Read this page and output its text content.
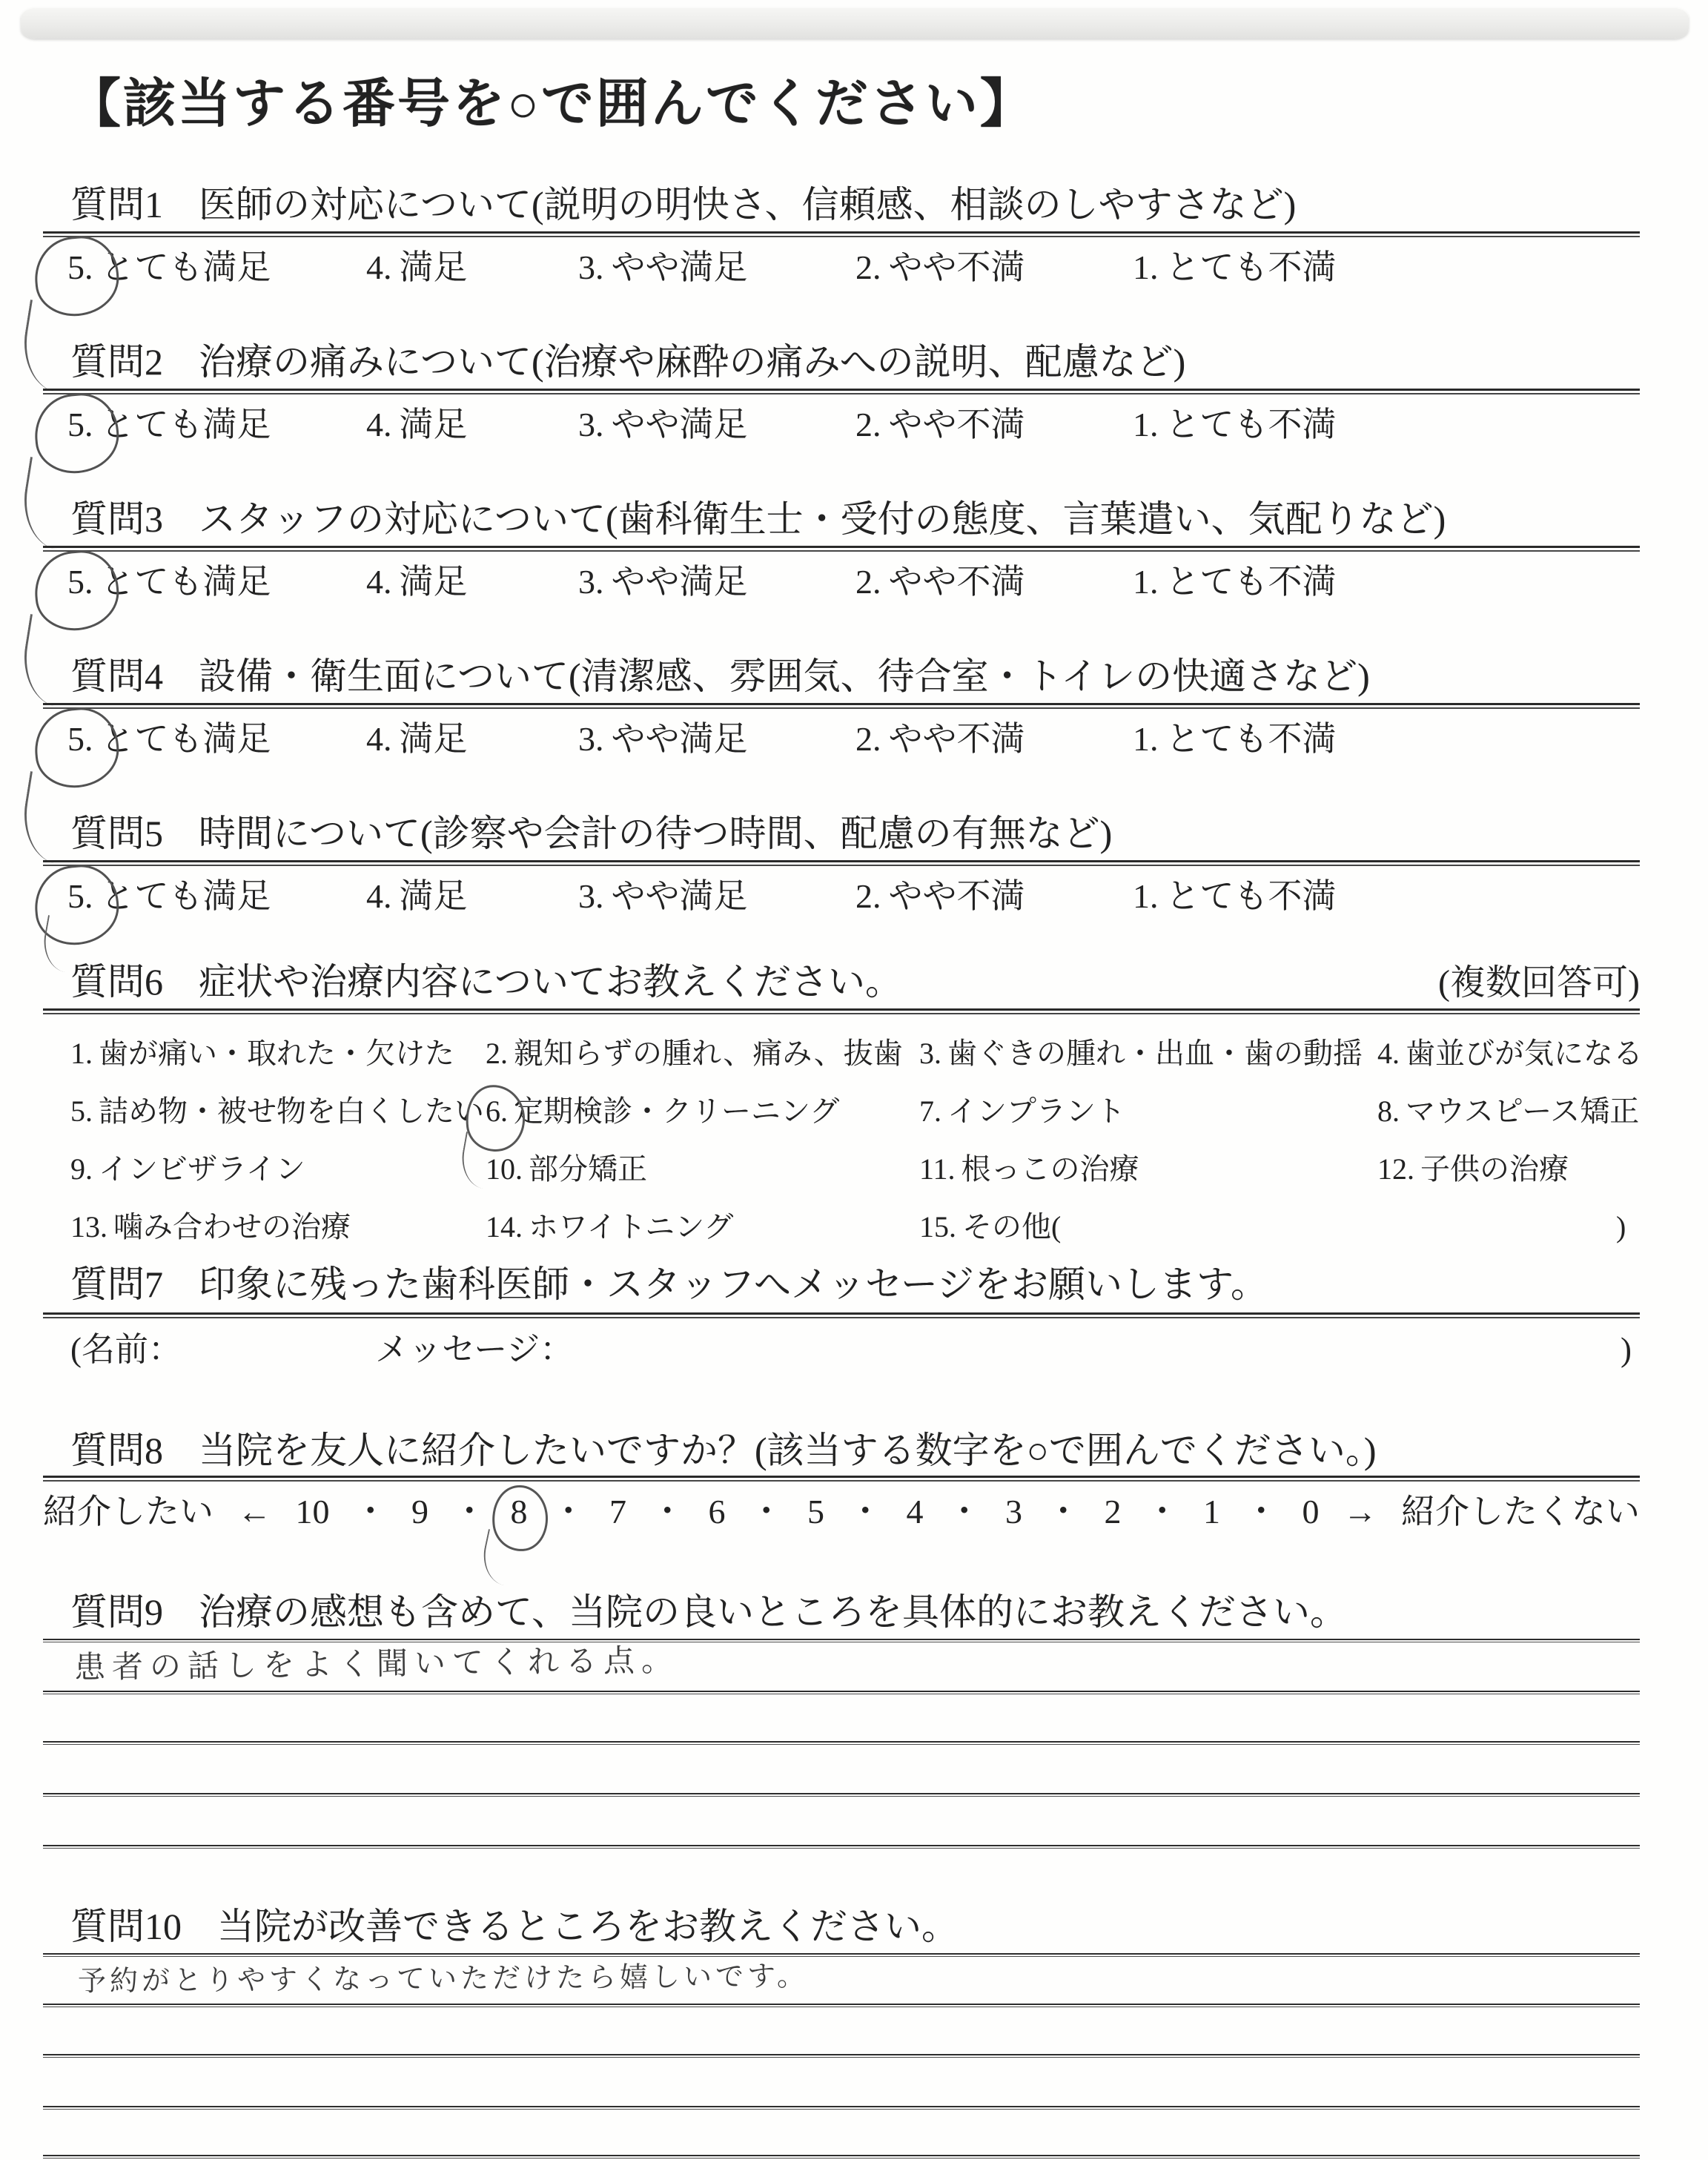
【該当する番号を○で囲んでください】
質問1 医師の対応について(説明の明快さ、信頼感、相談のしやすさなど)
5. とても満足	4. 満足	3. やや満足	2. やや不満	1. とても不満
質問2 治療の痛みについて(治療や麻酔の痛みへの説明、配慮など)
5. とても満足	4. 満足	3. やや満足	2. やや不満	1. とても不満
質問3 スタッフの対応について(歯科衛生士・受付の態度、言葉遣い、気配りなど)
5. とても満足	4. 満足	3. やや満足	2. やや不満	1. とても不満
質問4 設備・衛生面について(清潔感、雰囲気、待合室・トイレの快適さなど)
5. とても満足	4. 満足	3. やや満足	2. やや不満	1. とても不満
質問5 時間について(診察や会計の待つ時間、配慮の有無など)
5. とても満足	4. 満足	3. やや満足	2. やや不満	1. とても不満
質問6 症状や治療内容についてお教えください。	(複数回答可)
1. 歯が痛い・取れた・欠けた 2. 親知らずの腫れ、痛み、抜歯 3. 歯ぐきの腫れ・出血・歯の動揺 4. 歯並びが気になる
5. 詰め物・被せ物を白くしたい 6. 定期検診・クリーニング	7. インプラント	8. マウスピース矯正
9. インビザライン	10. 部分矯正	11. 根っこの治療	12. 子供の治療
13. 噛み合わせの治療	14. ホワイトニング	15. その他(	)
質問7 印象に残った歯科医師・スタッフへメッセージをお願いします。
(名前：	メッセージ：	)
質問8 当院を友人に紹介したいですか？(該当する数字を○で囲んでください。)
紹介したい ← 10 ・ 9 ・ 8 ・ 7 ・ 6 ・ 5 ・ 4 ・ 3 ・ 2 ・ 1 ・ 0 → 紹介したくない
質問9 治療の感想も含めて、当院の良いところを具体的にお教えください。
患者の話しをよく聞いてくれる点。
質問10 当院が改善できるところをお教えください。
予約がとりやすくなっていただけたら嬉しいです。
